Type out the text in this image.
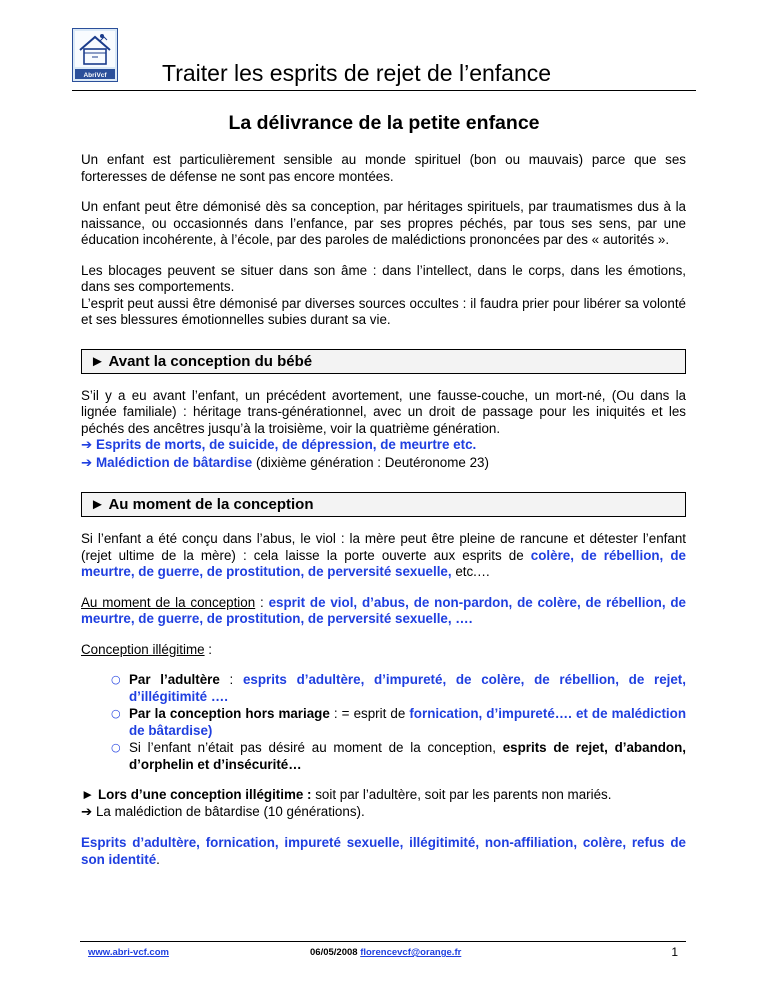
AbriVcf Traiter les esprits de rejet de l’enfance
La délivrance de la petite enfance

Un enfant est particulièrement sensible au monde spirituel (bon ou mauvais) parce que ses forteresses de défense ne sont pas encore montées.

Un enfant peut être démonisé dès sa conception, par héritages spirituels, par traumatismes dus à la naissance, ou occasionnés dans l’enfance, par ses propres péchés, par tous ses sens, par une éducation incohérente, à l’école, par des paroles de malédictions prononcées par des « autorités ».

Les blocages peuvent se situer dans son âme : dans l’intellect, dans le corps, dans les émotions, dans ses comportements.

L’esprit peut aussi être démonisé par diverses sources occultes : il faudra prier pour libérer sa volonté et ses blessures émotionnelles subies durant sa vie.

► Avant la conception du bébé

S’il y a eu avant l’enfant, un précédent avortement, une fausse-couche, un mort-né, (Ou dans la lignée familiale) : héritage trans-générationnel, avec un droit de passage pour les iniquités et les péchés des ancêtres jusqu’à la troisième, voir la quatrième génération.

➔ Esprits de morts, de suicide, de dépression, de meurtre etc.
➔ Malédiction de bâtardise (dixième génération : Deutéronome 23)
► Au moment de la conception

Si l’enfant a été conçu dans l’abus, le viol : la mère peut être pleine de rancune et détester l’enfant (rejet ultime de la mère) : cela laisse la porte ouverte aux esprits de colère, de rébellion, de meurtre, de guerre, de prostitution, de perversité sexuelle, etc.…

Au moment de la conception : esprit de viol, d’abus, de non-pardon, de colère, de rébellion, de meurtre, de guerre, de prostitution, de perversité sexuelle, ….

Conception illégitime :

○ Par l’adultère : esprits d’adultère, d’impureté, de colère, de rébellion, de rejet, d’illégitimité ….
○ Par la conception hors mariage : = esprit de fornication, d’impureté…. et de malédiction de bâtardise)
○ Si l’enfant n’était pas désiré au moment de la conception, esprits de rejet, d’abandon, d’orphelin et d’insécurité…
► Lors d’une conception illégitime : soit par l’adultère, soit par les parents non mariés.
➔ La malédiction de bâtardise (10 générations).

Esprits d’adultère, fornication, impureté sexuelle, illégitimité, non-affiliation, colère, refus de son identité.

www.abri-vcf.com	06/05/2008 florencevcf@orange.fr	1
